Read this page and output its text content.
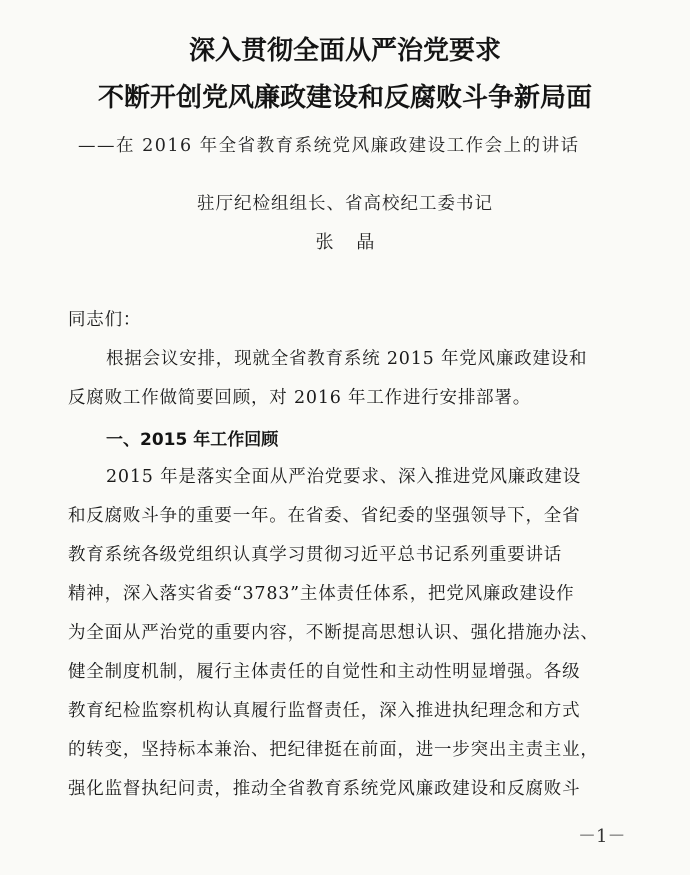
深入贯彻全面从严治党要求
不断开创党风廉政建设和反腐败斗争新局面
——在 2016 年全省教育系统党风廉政建设工作会上的讲话
驻厅纪检组组长、省高校纪工委书记
张    晶
同志们：
根据会议安排，现就全省教育系统 2015 年党风廉政建设和
反腐败工作做简要回顾，对 2016 年工作进行安排部署。
一、2015 年工作回顾
2015 年是落实全面从严治党要求、深入推进党风廉政建设
和反腐败斗争的重要一年。在省委、省纪委的坚强领导下，全省
教育系统各级党组织认真学习贯彻习近平总书记系列重要讲话
精神，深入落实省委“3783”主体责任体系，把党风廉政建设作
为全面从严治党的重要内容，不断提高思想认识、强化措施办法、
健全制度机制，履行主体责任的自觉性和主动性明显增强。各级
教育纪检监察机构认真履行监督责任，深入推进执纪理念和方式
的转变，坚持标本兼治、把纪律挺在前面，进一步突出主责主业，
强化监督执纪问责，推动全省教育系统党风廉政建设和反腐败斗
－1－
